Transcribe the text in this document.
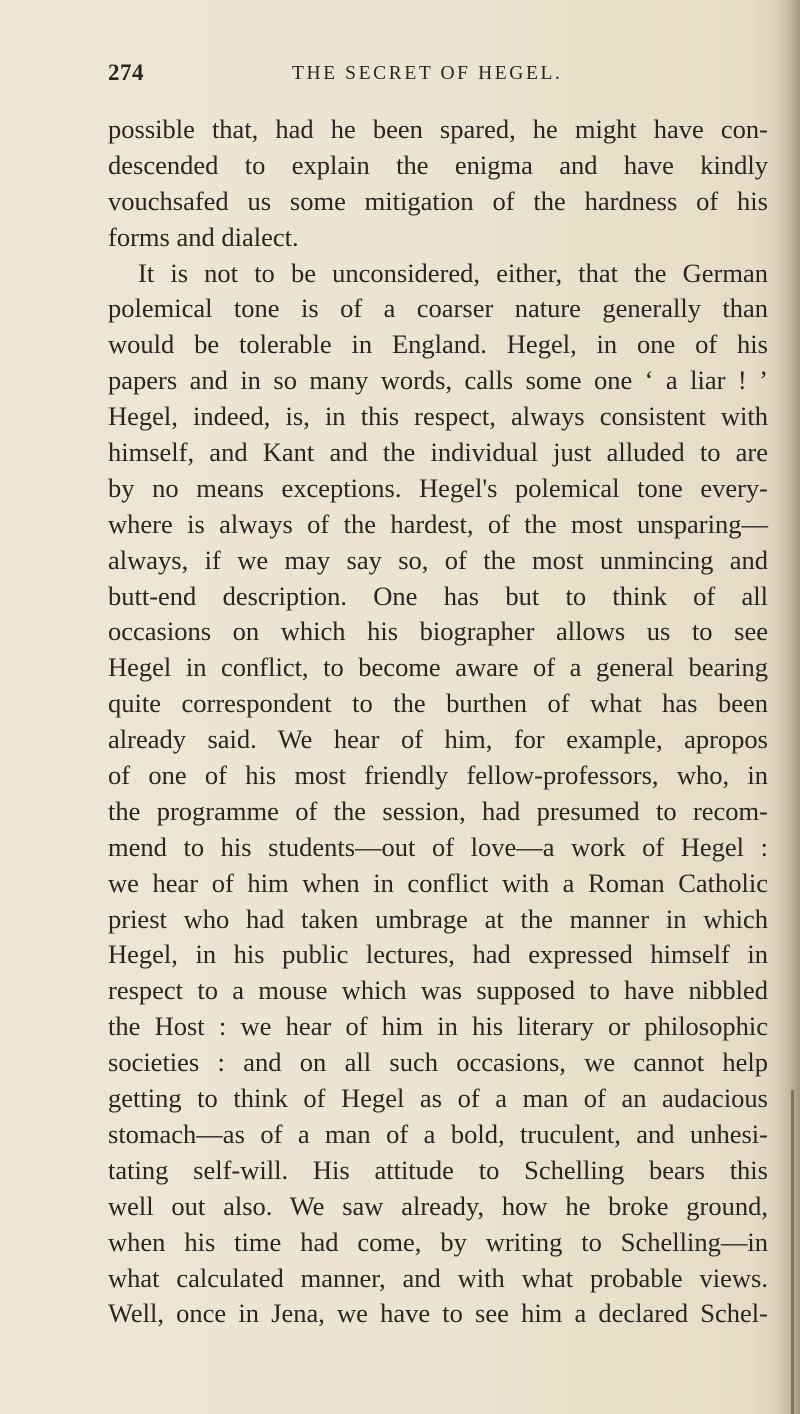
274	THE SECRET OF HEGEL.
possible that, had he been spared, he might have con-
descended to explain the enigma and have kindly
vouchsafed us some mitigation of the hardness of his
forms and dialect.
It is not to be unconsidered, either, that the German
polemical tone is of a coarser nature generally than
would be tolerable in England. Hegel, in one of his
papers and in so many words, calls some one ‘ a liar ! ’
Hegel, indeed, is, in this respect, always consistent with
himself, and Kant and the individual just alluded to are
by no means exceptions. Hegel's polemical tone every-
where is always of the hardest, of the most unsparing—
always, if we may say so, of the most unmincing and
butt-end description. One has but to think of all
occasions on which his biographer allows us to see
Hegel in conflict, to become aware of a general bearing
quite correspondent to the burthen of what has been
already said. We hear of him, for example, apropos
of one of his most friendly fellow-professors, who, in
the programme of the session, had presumed to recom-
mend to his students—out of love—a work of Hegel :
we hear of him when in conflict with a Roman Catholic
priest who had taken umbrage at the manner in which
Hegel, in his public lectures, had expressed himself in
respect to a mouse which was supposed to have nibbled
the Host : we hear of him in his literary or philosophic
societies : and on all such occasions, we cannot help
getting to think of Hegel as of a man of an audacious
stomach—as of a man of a bold, truculent, and unhesi-
tating self-will. His attitude to Schelling bears this
well out also. We saw already, how he broke ground,
when his time had come, by writing to Schelling—in
what calculated manner, and with what probable views.
Well, once in Jena, we have to see him a declared Schel-
